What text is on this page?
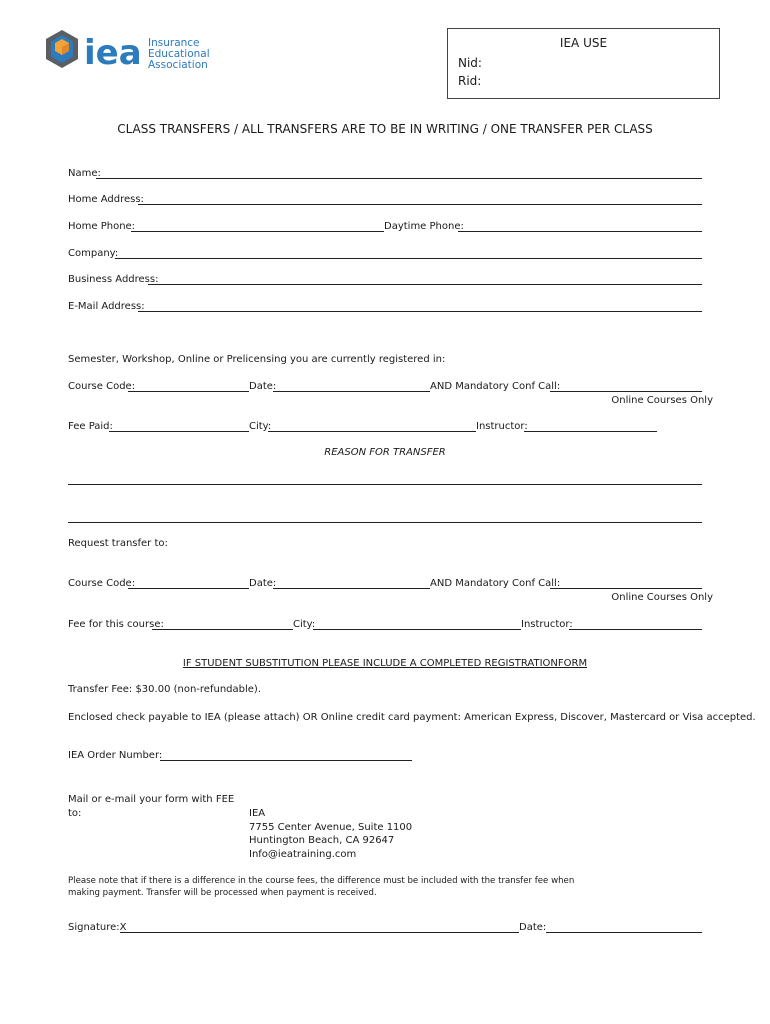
iea Insurance
Educational
Association
IEA USE
Nid:
Rid:
CLASS TRANSFERS / ALL TRANSFERS ARE TO BE IN WRITING / ONE TRANSFER PER CLASS
Name:
Home Address:
Home Phone:	Daytime Phone:
Company:
Business Address:
E-Mail Address:
Semester, Workshop, Online or Prelicensing you are currently registered in:
Course Code:	Date:	AND Mandatory Conf Call:
Online Courses Only
Fee Paid:	City:	Instructor:
REASON FOR TRANSFER
Request transfer to:
Course Code:	Date:	AND Mandatory Conf Call:
Online Courses Only
Fee for this course:	City:	Instructor:
IF STUDENT SUBSTITUTION PLEASE INCLUDE A COMPLETED REGISTRATIONFORM
Transfer Fee: $30.00 (non-refundable).
Enclosed check payable to IEA (please attach) OR Online credit card payment: American Express, Discover, Mastercard or Visa accepted.
IEA Order Number:
Mail or e-mail your form with FEE
to:	IEA
7755 Center Avenue, Suite 1100
Huntington Beach, CA 92647
Info@ieatraining.com
Please note that if there is a difference in the course fees, the difference must be included with the transfer fee when making payment. Transfer will be processed when payment is received.
Signature:X	Date:
